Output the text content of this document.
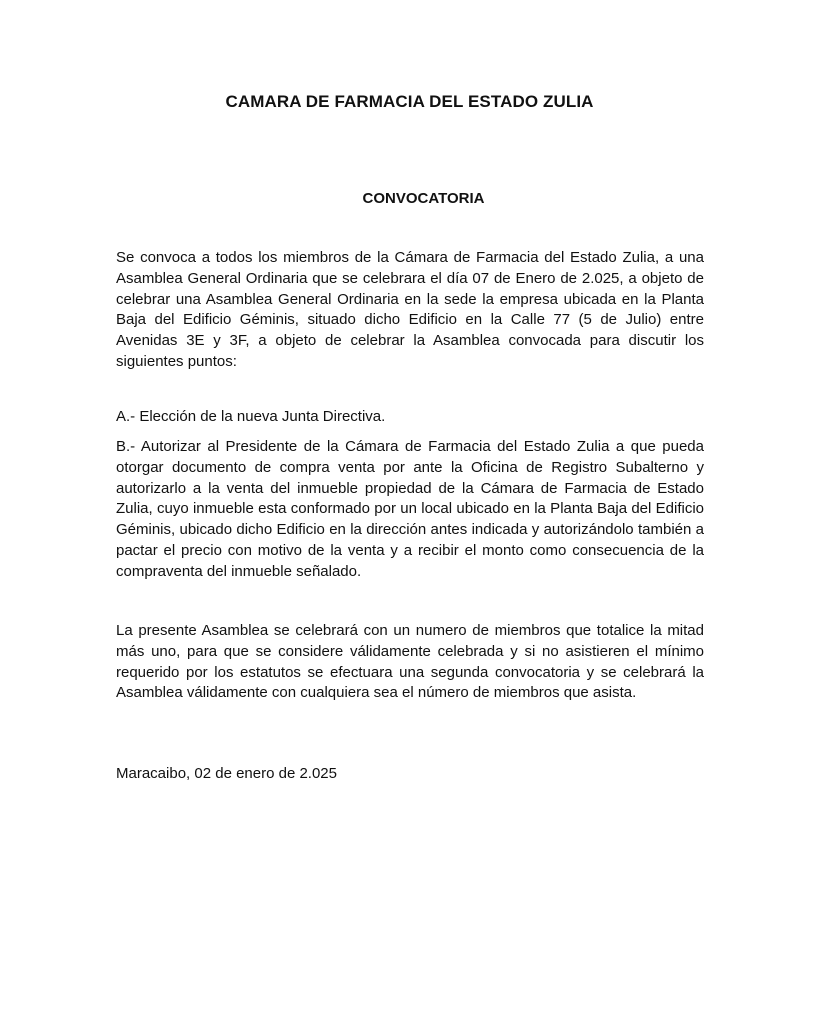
CAMARA DE FARMACIA DEL ESTADO ZULIA
CONVOCATORIA

Se convoca a todos los miembros de la Cámara de Farmacia del Estado Zulia, a una Asamblea General Ordinaria que se celebrara el día 07 de Enero de 2.025, a objeto de celebrar una Asamblea General Ordinaria en la sede la empresa ubicada en la Planta Baja del Edificio Géminis, situado dicho Edificio en la Calle 77 (5 de Julio) entre Avenidas 3E y 3F, a objeto de celebrar la Asamblea convocada para discutir los siguientes puntos:

A.- Elección de la nueva Junta Directiva.

B.- Autorizar al Presidente de la Cámara de Farmacia del Estado Zulia a que pueda otorgar documento de compra venta por ante la Oficina de Registro Subalterno y autorizarlo a la venta del inmueble propiedad de la Cámara de Farmacia de Estado Zulia, cuyo inmueble esta conformado por un local ubicado en la Planta Baja del Edificio Géminis, ubicado dicho Edificio en la dirección antes indicada y autorizándolo también a pactar el precio con motivo de la venta y a recibir el monto como consecuencia de la compraventa del inmueble señalado.

La presente Asamblea se celebrará con un numero de miembros que totalice la mitad más uno, para que se considere válidamente celebrada y si no asistieren el mínimo requerido por los estatutos se efectuara una segunda convocatoria y se celebrará la Asamblea válidamente con cualquiera sea el número de miembros que asista.

Maracaibo, 02 de enero de 2.025
